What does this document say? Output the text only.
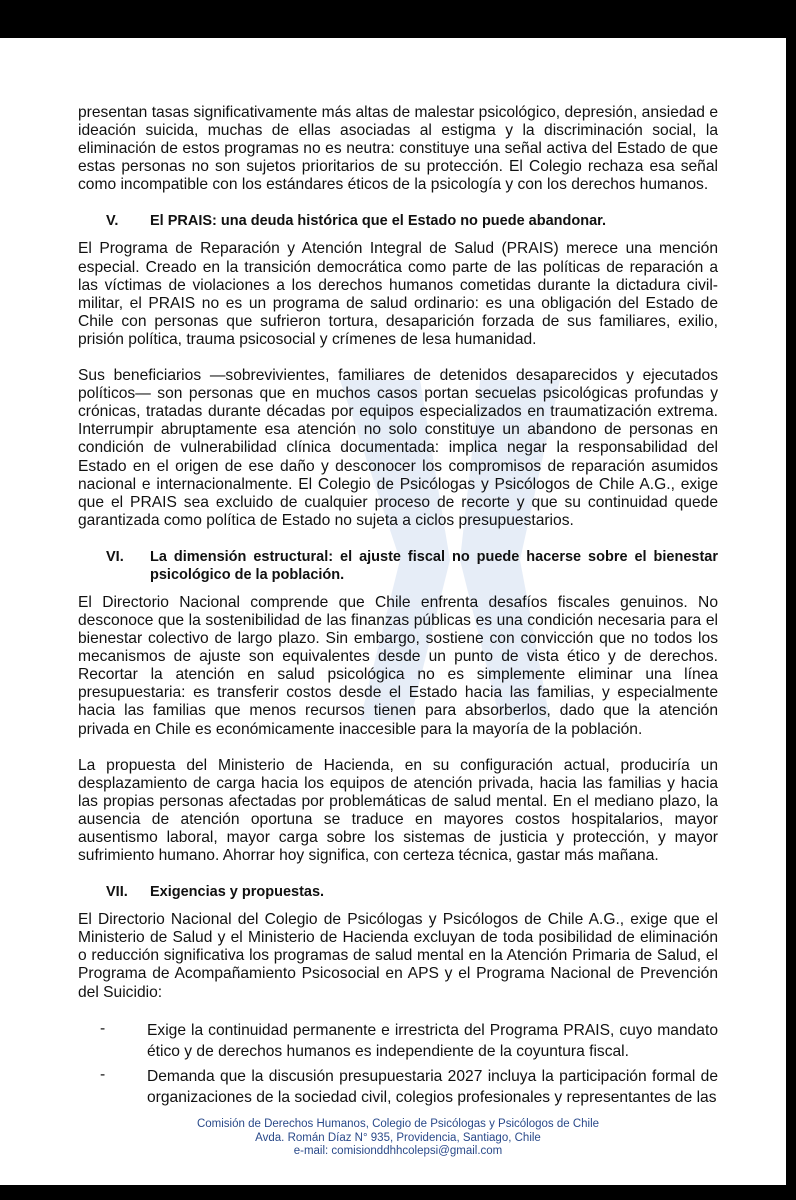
presentan tasas significativamente más altas de malestar psicológico, depresión, ansiedad e ideación suicida, muchas de ellas asociadas al estigma y la discriminación social, la eliminación de estos programas no es neutra: constituye una señal activa del Estado de que estas personas no son sujetos prioritarios de su protección. El Colegio rechaza esa señal como incompatible con los estándares éticos de la psicología y con los derechos humanos.

V.	El PRAIS: una deuda histórica que el Estado no puede abandonar.

El Programa de Reparación y Atención Integral de Salud (PRAIS) merece una mención especial. Creado en la transición democrática como parte de las políticas de reparación a las víctimas de violaciones a los derechos humanos cometidas durante la dictadura civil-militar, el PRAIS no es un programa de salud ordinario: es una obligación del Estado de Chile con personas que sufrieron tortura, desaparición forzada de sus familiares, exilio, prisión política, trauma psicosocial y crímenes de lesa humanidad.

Sus beneficiarios —sobrevivientes, familiares de detenidos desaparecidos y ejecutados políticos— son personas que en muchos casos portan secuelas psicológicas profundas y crónicas, tratadas durante décadas por equipos especializados en traumatización extrema. Interrumpir abruptamente esa atención no solo constituye un abandono de personas en condición de vulnerabilidad clínica documentada: implica negar la responsabilidad del Estado en el origen de ese daño y desconocer los compromisos de reparación asumidos nacional e internacionalmente. El Colegio de Psicólogas y Psicólogos de Chile A.G., exige que el PRAIS sea excluido de cualquier proceso de recorte y que su continuidad quede garantizada como política de Estado no sujeta a ciclos presupuestarios.

VI.	La dimensión estructural: el ajuste fiscal no puede hacerse sobre el bienestar psicológico de la población.

El Directorio Nacional comprende que Chile enfrenta desafíos fiscales genuinos. No desconoce que la sostenibilidad de las finanzas públicas es una condición necesaria para el bienestar colectivo de largo plazo. Sin embargo, sostiene con convicción que no todos los mecanismos de ajuste son equivalentes desde un punto de vista ético y de derechos. Recortar la atención en salud psicológica no es simplemente eliminar una línea presupuestaria: es transferir costos desde el Estado hacia las familias, y especialmente hacia las familias que menos recursos tienen para absorberlos, dado que la atención privada en Chile es económicamente inaccesible para la mayoría de la población.

La propuesta del Ministerio de Hacienda, en su configuración actual, produciría un desplazamiento de carga hacia los equipos de atención privada, hacia las familias y hacia las propias personas afectadas por problemáticas de salud mental. En el mediano plazo, la ausencia de atención oportuna se traduce en mayores costos hospitalarios, mayor ausentismo laboral, mayor carga sobre los sistemas de justicia y protección, y mayor sufrimiento humano. Ahorrar hoy significa, con certeza técnica, gastar más mañana.

VII.	Exigencias y propuestas.

El Directorio Nacional del Colegio de Psicólogas y Psicólogos de Chile A.G., exige que el Ministerio de Salud y el Ministerio de Hacienda excluyan de toda posibilidad de eliminación o reducción significativa los programas de salud mental en la Atención Primaria de Salud, el Programa de Acompañamiento Psicosocial en APS y el Programa Nacional de Prevención del Suicidio:

-	Exige la continuidad permanente e irrestricta del Programa PRAIS, cuyo mandato ético y de derechos humanos es independiente de la coyuntura fiscal.
-	Demanda que la discusión presupuestaria 2027 incluya la participación formal de organizaciones de la sociedad civil, colegios profesionales y representantes de las
Comisión de Derechos Humanos, Colegio de Psicólogas y Psicólogos de Chile
Avda. Román Díaz N° 935, Providencia, Santiago, Chile
e-mail: comisionddhhcolepsi@gmail.com
